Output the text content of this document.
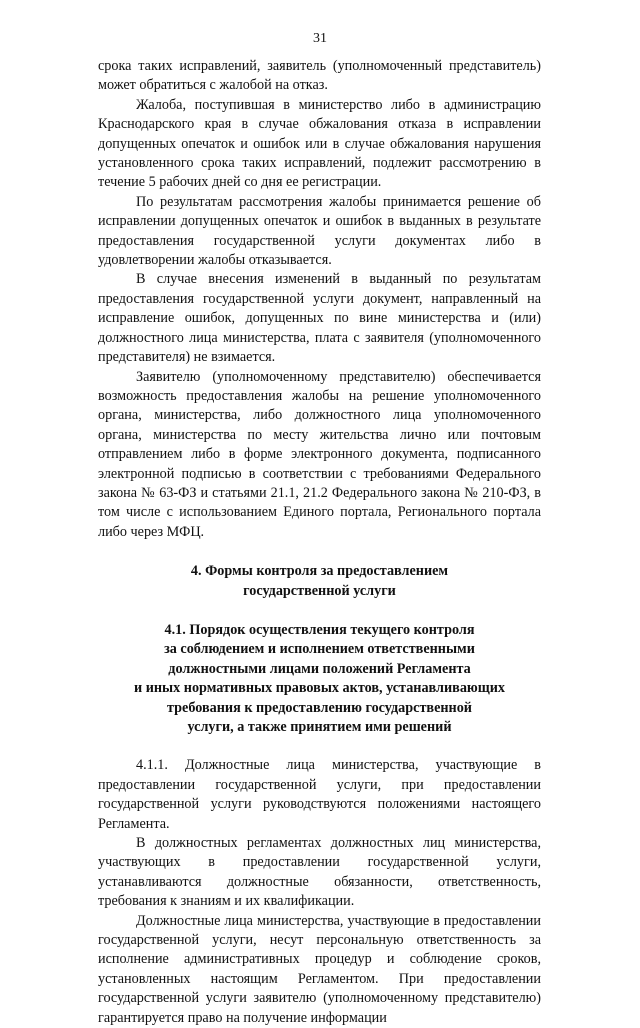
31

срока таких исправлений, заявитель (уполномоченный представитель) может обратиться с жалобой на отказ.

Жалоба, поступившая в министерство либо в администрацию Краснодарского края в случае обжалования отказа в исправлении допущенных опечаток и ошибок или в случае обжалования нарушения установленного срока таких исправлений, подлежит рассмотрению в течение 5 рабочих дней со дня ее регистрации.

По результатам рассмотрения жалобы принимается решение об исправлении допущенных опечаток и ошибок в выданных в результате предоставления государственной услуги документах либо в удовлетворении жалобы отказывается.

В случае внесения изменений в выданный по результатам предоставления государственной услуги документ, направленный на исправление ошибок, допущенных по вине министерства и (или) должностного лица министерства, плата с заявителя (уполномоченного представителя) не взимается.

Заявителю (уполномоченному представителю) обеспечивается возможность предоставления жалобы на решение уполномоченного органа, министерства, либо должностного лица уполномоченного органа, министерства по месту жительства лично или почтовым отправлением либо в форме электронного документа, подписанного электронной подписью в соответствии с требованиями Федерального закона № 63-ФЗ и статьями 21.1, 21.2 Федерального закона № 210-ФЗ, в том числе с использованием Единого портала, Регионального портала либо через МФЦ.

4. Формы контроля за предоставлением
государственной услуги
4.1. Порядок осуществления текущего контроля
за соблюдением и исполнением ответственными
должностными лицами положений Регламента
и иных нормативных правовых актов, устанавливающих
требования к предоставлению государственной
услуги, а также принятием ими решений

4.1.1. Должностные лица министерства, участвующие в предоставлении государственной услуги, при предоставлении государственной услуги руководствуются положениями настоящего Регламента.

В должностных регламентах должностных лиц министерства, участвующих в предоставлении государственной услуги, устанавливаются должностные обязанности, ответственность, требования к знаниям и их квалификации.

Должностные лица министерства, участвующие в предоставлении государственной услуги, несут персональную ответственность за исполнение административных процедур и соблюдение сроков, установленных настоящим Регламентом. При предоставлении государственной услуги заявителю (уполномоченному представителю) гарантируется право на получение информации
